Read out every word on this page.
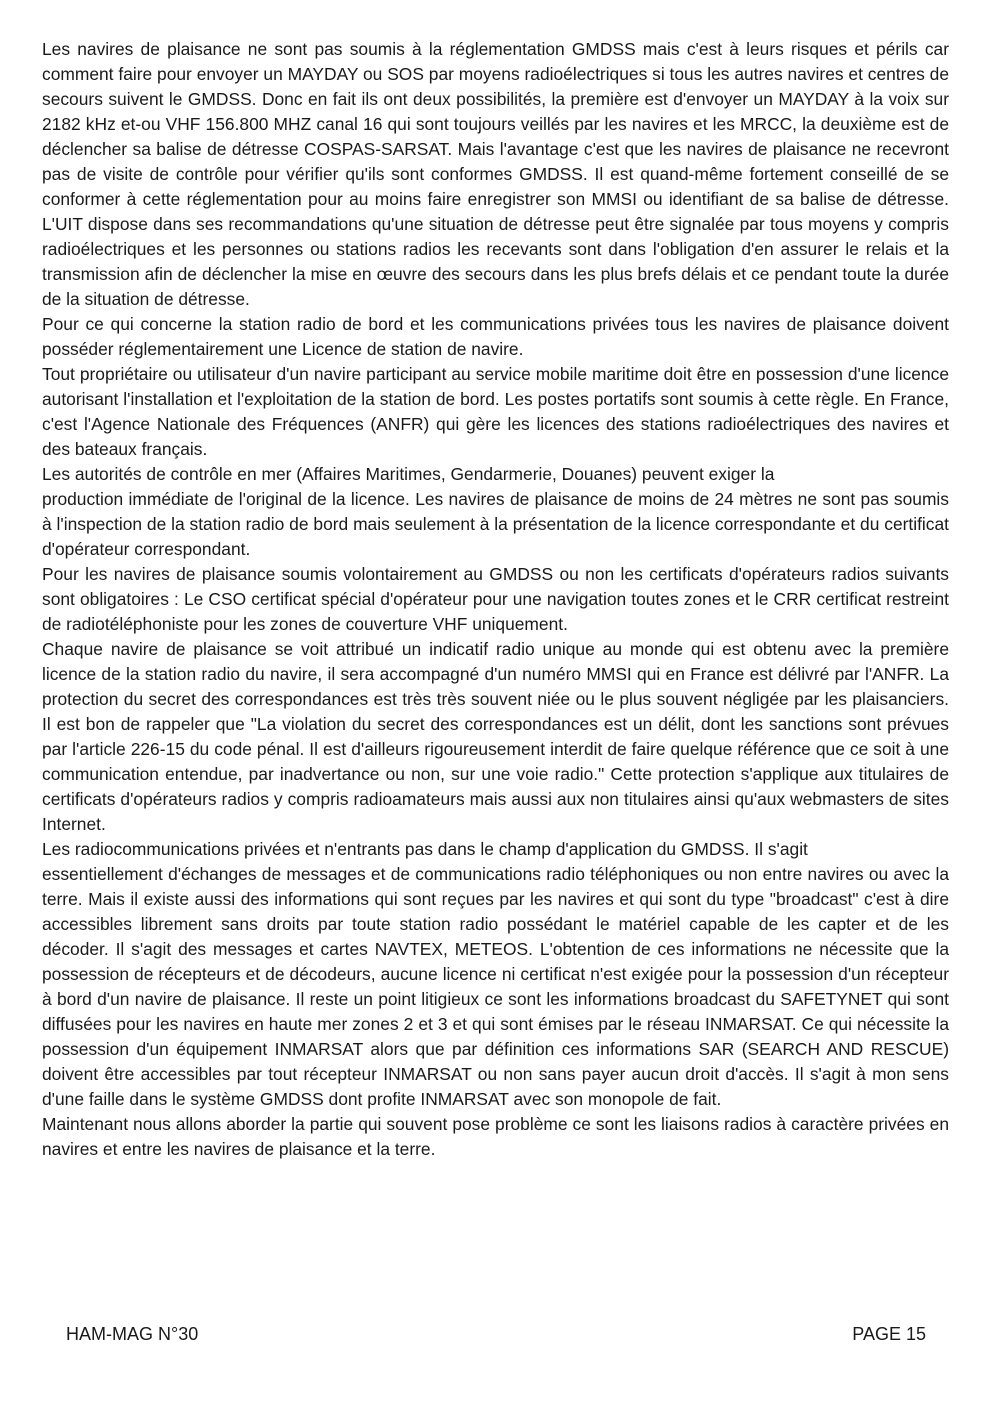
Les navires de plaisance ne sont pas soumis à la réglementation GMDSS mais c'est à leurs risques et périls car comment faire pour envoyer un MAYDAY ou SOS par moyens radioélectriques si tous les autres navires et centres de secours suivent le GMDSS. Donc en fait ils ont deux possibilités, la première est d'envoyer un MAYDAY à la voix sur 2182 kHz et-ou VHF 156.800 MHZ canal 16 qui sont toujours veillés par les navires et les MRCC, la deuxième est de déclencher sa balise de détresse COSPAS-SARSAT. Mais l'avantage c'est que les navires de plaisance ne recevront pas de visite de contrôle pour vérifier qu'ils sont conformes GMDSS. Il est quand-même fortement conseillé de se conformer à cette réglementation pour au moins faire enregistrer son MMSI ou identifiant de sa balise de détresse. L'UIT dispose dans ses recommandations qu'une situation de détresse peut être signalée par tous moyens y compris radioélectriques et les personnes ou stations radios les recevants sont dans l'obligation d'en assurer le relais et la transmission afin de déclencher la mise en œuvre des secours dans les plus brefs délais et ce pendant toute la durée de la situation de détresse.

Pour ce qui concerne la station radio de bord et les communications privées tous les navires de plaisance doivent posséder réglementairement une Licence de station de navire.

Tout propriétaire ou utilisateur d'un navire participant au service mobile maritime doit être en possession d'une licence autorisant l'installation et l'exploitation de la station de bord. Les postes portatifs sont soumis à cette règle. En France, c'est l'Agence Nationale des Fréquences (ANFR) qui gère les licences des stations radioélectriques des navires et des bateaux français.

Les autorités de contrôle en mer (Affaires Maritimes, Gendarmerie, Douanes) peuvent exiger la

production immédiate de l'original de la licence. Les navires de plaisance de moins de 24 mètres ne sont pas soumis à l'inspection de la station radio de bord mais seulement à la présentation de la licence correspondante et du certificat d'opérateur correspondant.

Pour les navires de plaisance soumis volontairement au GMDSS ou non les certificats d'opérateurs radios suivants sont obligatoires : Le CSO certificat spécial d'opérateur pour une navigation toutes zones et le CRR certificat restreint de radiotéléphoniste pour les zones de couverture VHF uniquement.

Chaque navire de plaisance se voit attribué un indicatif radio unique au monde qui est obtenu avec la première licence de la station radio du navire, il sera accompagné d'un numéro MMSI qui en France est délivré par l'ANFR. La protection du secret des correspondances est très très souvent niée ou le plus souvent négligée par les plaisanciers. Il est bon de rappeler que "La violation du secret des correspondances est un délit, dont les sanctions sont prévues par l'article 226-15 du code pénal. Il est d'ailleurs rigoureusement interdit de faire quelque référence que ce soit à une communication entendue, par inadvertance ou non, sur une voie radio." Cette protection s'applique aux titulaires de certificats d'opérateurs radios y compris radioamateurs mais aussi aux non titulaires ainsi qu'aux webmasters de sites Internet.

Les radiocommunications privées et n'entrants pas dans le champ d'application du GMDSS. Il s'agit

essentiellement d'échanges de messages et de communications radio téléphoniques ou non entre navires ou avec la terre. Mais il existe aussi des informations qui sont reçues par les navires et qui sont du type "broadcast" c'est à dire accessibles librement sans droits par toute station radio possédant le matériel capable de les capter et de les décoder. Il s'agit des messages et cartes NAVTEX, METEOS. L'obtention de ces informations ne nécessite que la possession de récepteurs et de décodeurs, aucune licence ni certificat n'est exigée pour la possession d'un récepteur à bord d'un navire de plaisance. Il reste un point litigieux ce sont les informations broadcast du SAFETYNET qui sont diffusées pour les navires en haute mer zones 2 et 3 et qui sont émises par le réseau INMARSAT. Ce qui nécessite la possession d'un équipement INMARSAT alors que par définition ces informations SAR (SEARCH AND RESCUE) doivent être accessibles par tout récepteur INMARSAT ou non sans payer aucun droit d'accès. Il s'agit à mon sens d'une faille dans le système GMDSS dont profite INMARSAT avec son monopole de fait.

Maintenant nous allons aborder la partie qui souvent pose problème ce sont les liaisons radios à caractère privées en navires et entre les navires de plaisance et la terre.

HAM-MAG N°30	PAGE 15
